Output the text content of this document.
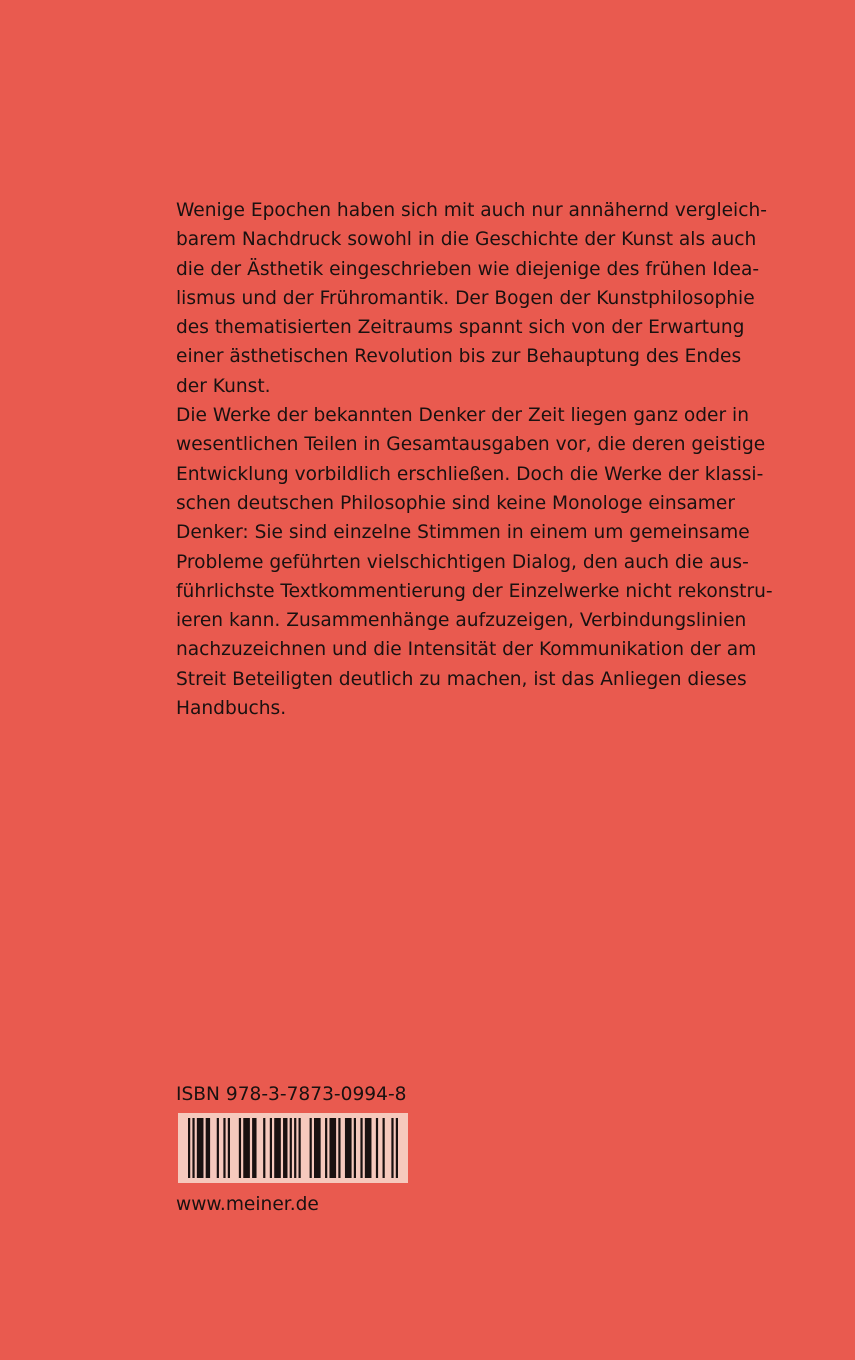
Wenige Epochen haben sich mit auch nur annähernd vergleich-
barem Nachdruck sowohl in die Geschichte der Kunst als auch
die der Ästhetik eingeschrieben wie diejenige des frühen Idea-
lismus und der Frühromantik. Der Bogen der Kunstphilosophie
des thematisierten Zeitraums spannt sich von der Erwartung
einer ästhetischen Revolution bis zur Behauptung des Endes
der Kunst.
Die Werke der bekannten Denker der Zeit liegen ganz oder in
wesentlichen Teilen in Gesamtausgaben vor, die deren geistige
Entwicklung vorbildlich erschließen. Doch die Werke der klassi-
schen deutschen Philosophie sind keine Monologe einsamer
Denker: Sie sind einzelne Stimmen in einem um gemeinsame
Probleme geführten vielschichtigen Dialog, den auch die aus-
führlichste Textkommentierung der Einzelwerke nicht rekonstru-
ieren kann. Zusammenhänge aufzuzeigen, Verbindungslinien
nachzuzeichnen und die Intensität der Kommunikation der am
Streit Beteiligten deutlich zu machen, ist das Anliegen dieses
Handbuchs.
ISBN 978-3-7873-0994-8
www.meiner.de
